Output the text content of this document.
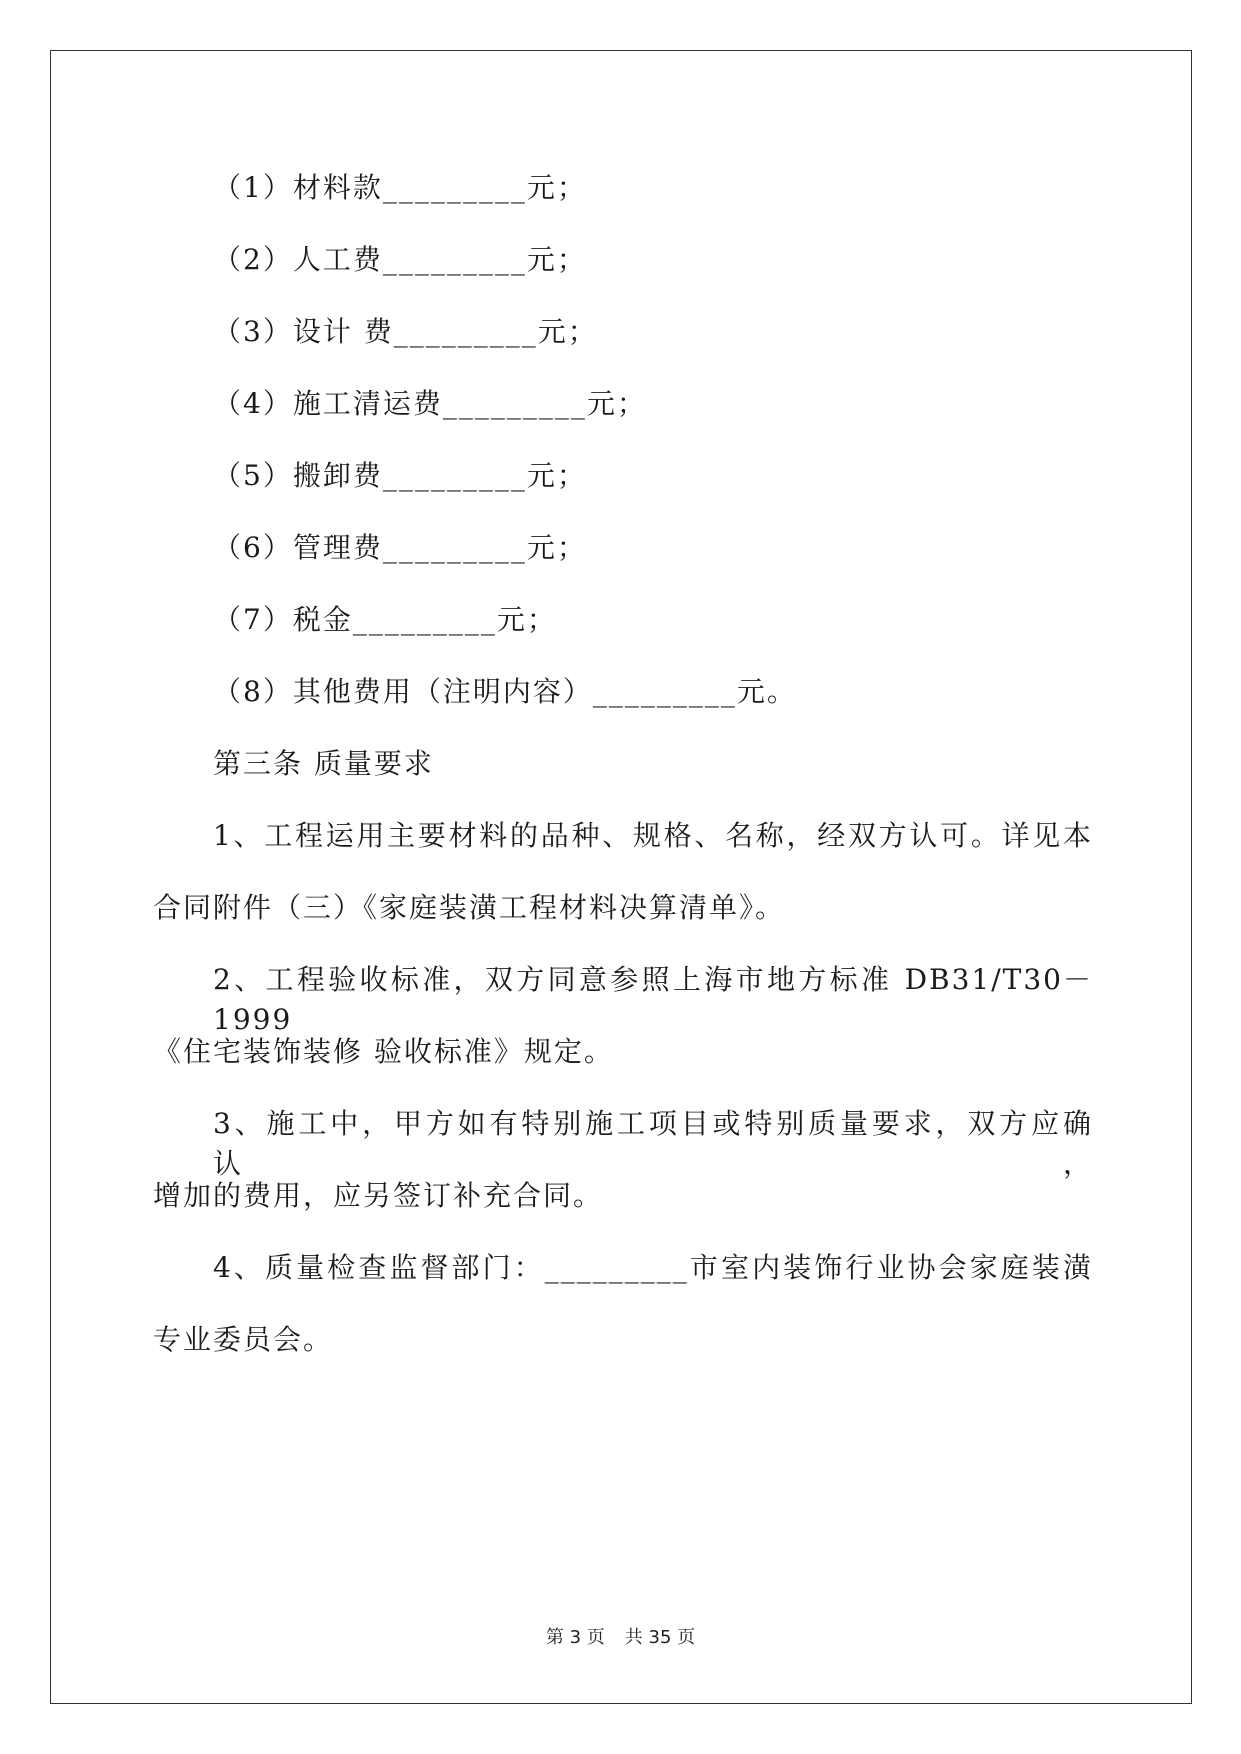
（1）材料款_________元；
（2）人工费_________元；
（3）设计 费_________元；
（4）施工清运费_________元；
（5）搬卸费_________元；
（6）管理费_________元；
（7）税金_________元；
（8）其他费用（注明内容）_________元。
第三条 质量要求
1、工程运用主要材料的品种、规格、名称，经双方认可。详见本
合同附件（三）《家庭装潢工程材料决算清单》。
2、工程验收标准，双方同意参照上海市地方标准 DB31/T30－1999
《住宅装饰装修 验收标准》规定。
3、施工中，甲方如有特别施工项目或特别质量要求，双方应确认，
增加的费用，应另签订补充合同。
4、质量检查监督部门：_________市室内装饰行业协会家庭装潢
专业委员会。
第 3 页 共 35 页
